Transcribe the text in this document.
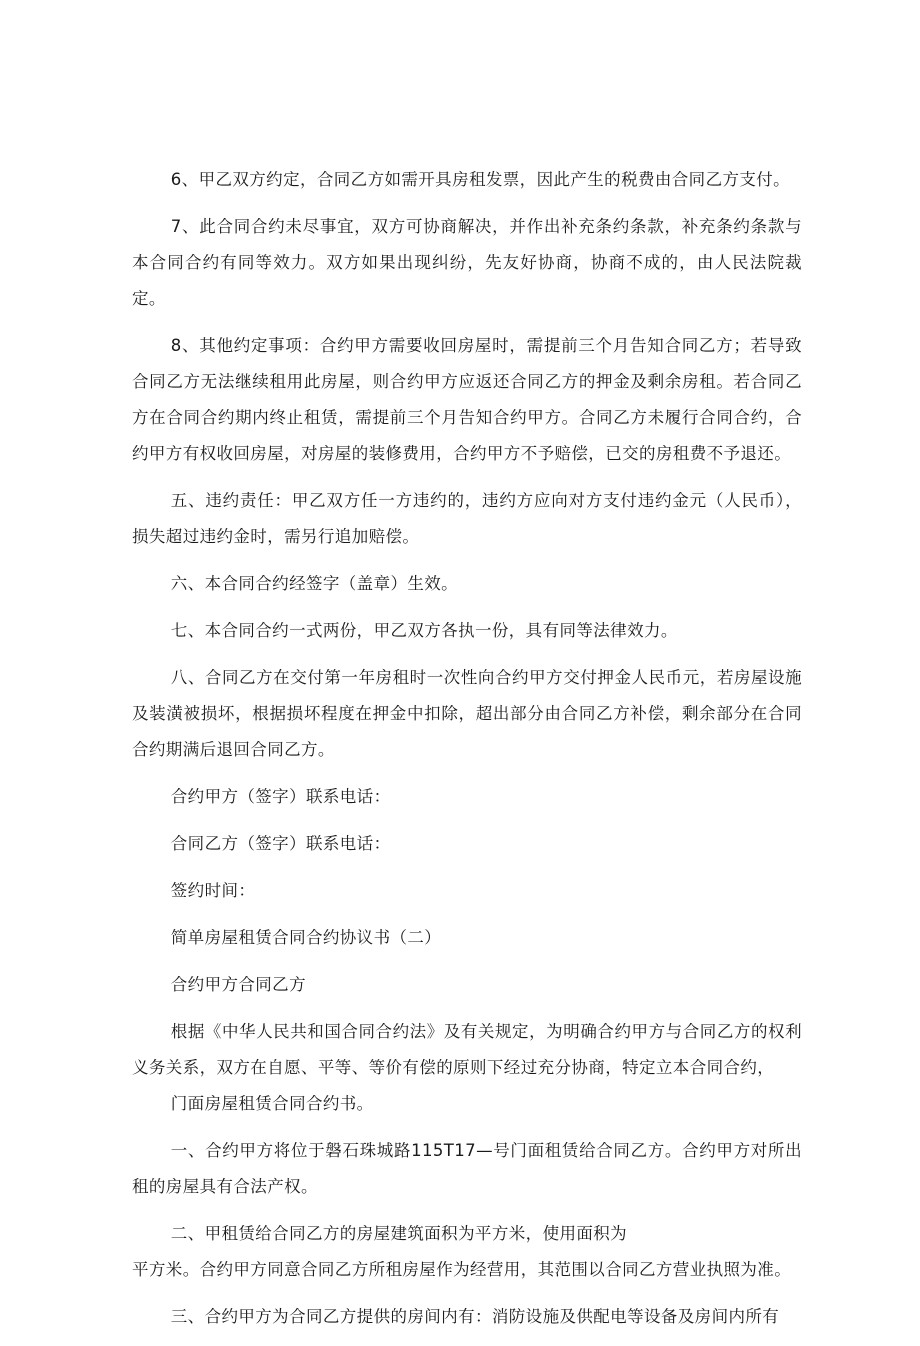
6、甲乙双方约定，合同乙方如需开具房租发票，因此产生的税费由合同乙方支付。

7、此合同合约未尽事宜，双方可协商解决，并作出补充条约条款，补充条约条款与本合同合约有同等效力。双方如果出现纠纷，先友好协商，协商不成的，由人民法院裁定。

8、其他约定事项：合约甲方需要收回房屋时，需提前三个月告知合同乙方；若导致合同乙方无法继续租用此房屋，则合约甲方应返还合同乙方的押金及剩余房租。若合同乙方在合同合约期内终止租赁，需提前三个月告知合约甲方。合同乙方未履行合同合约，合约甲方有权收回房屋，对房屋的装修费用，合约甲方不予赔偿，已交的房租费不予退还。

五、违约责任：甲乙双方任一方违约的，违约方应向对方支付违约金元（人民币），损失超过违约金时，需另行追加赔偿。

六、本合同合约经签字（盖章）生效。

七、本合同合约一式两份，甲乙双方各执一份，具有同等法律效力。

八、合同乙方在交付第一年房租时一次性向合约甲方交付押金人民币元，若房屋设施及装潢被损坏，根据损坏程度在押金中扣除，超出部分由合同乙方补偿，剩余部分在合同合约期满后退回合同乙方。

合约甲方（签字）联系电话：

合同乙方（签字）联系电话：

签约时间：

简单房屋租赁合同合约协议书（二）

合约甲方合同乙方

根据《中华人民共和国合同合约法》及有关规定，为明确合约甲方与合同乙方的权利义务关系，双方在自愿、平等、等价有偿的原则下经过充分协商，特定立本合同合约，

门面房屋租赁合同合约书。

一、合约甲方将位于磐石珠城路115T17—号门面租赁给合同乙方。合约甲方对所出租的房屋具有合法产权。

二、甲租赁给合同乙方的房屋建筑面积为平方米，使用面积为

平方米。合约甲方同意合同乙方所租房屋作为经营用，其范围以合同乙方营业执照为准。

三、合约甲方为合同乙方提供的房间内有：消防设施及供配电等设备及房间内所有
